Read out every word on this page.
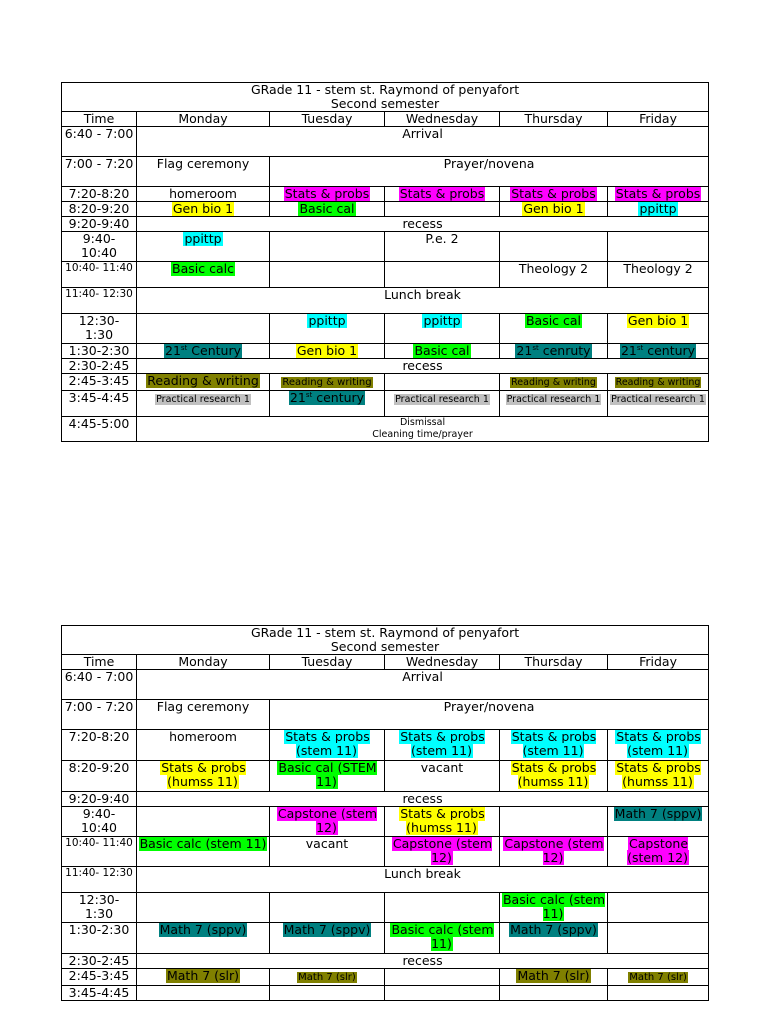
GRade 11 - stem st. Raymond of penyafort
Second semester					

Time	Monday	Tuesday	Wednesday	Thursday	Friday
6:40 - 7:00	Arrival				

7:00 - 7:20	Flag ceremony	Prayer/novena			

7:20-8:20	homeroom	Stats & probs	Stats & probs	Stats & probs	Stats & probs
8:20-9:20	Gen bio 1	Basic cal		Gen bio 1	ppittp
9:20-9:40	recess				

9:40- 10:40	ppittp		P.e. 2		
10:40- 11:40	Basic calc			Theology 2	Theology 2
11:40- 12:30	Lunch break				

12:30- 1:30		ppittp	ppittp	Basic cal	Gen bio 1
1:30-2:30	21st Century	Gen bio 1	Basic cal	21st cenruty	21st century
2:30-2:45	recess				

2:45-3:45	Reading & writing	Reading & writing		Reading & writing	Reading & writing
3:45-4:45	Practical research 1	21st century	Practical research 1	Practical research 1	Practical research 1
4:45-5:00	Dismissal
Cleaning time/prayer				
GRade 11 - stem st. Raymond of penyafort
Second semester					

Time	Monday	Tuesday	Wednesday	Thursday	Friday
6:40 - 7:00	Arrival				

7:00 - 7:20	Flag ceremony	Prayer/novena			

7:20-8:20	homeroom	Stats & probs (stem 11)	Stats & probs (stem 11)	Stats & probs (stem 11)	Stats & probs (stem 11)
8:20-9:20	Stats & probs (humss 11)	Basic cal (STEM 11)	vacant	Stats & probs (humss 11)	Stats & probs (humss 11)
9:20-9:40	recess				

9:40- 10:40		Capstone (stem 12)	Stats & probs (humss 11)		Math 7 (sppv)
10:40- 11:40	Basic calc (stem 11)	vacant	Capstone (stem 12)	Capstone (stem 12)	Capstone (stem 12)
11:40- 12:30	Lunch break				

12:30- 1:30				Basic calc (stem 11)	
1:30-2:30	Math 7 (sppv)	Math 7 (sppv)	Basic calc (stem 11)	Math 7 (sppv)	
2:30-2:45	recess				

2:45-3:45	Math 7 (slr)	Math 7 (slr)		Math 7 (slr)	Math 7 (slr)
3:45-4:45					
